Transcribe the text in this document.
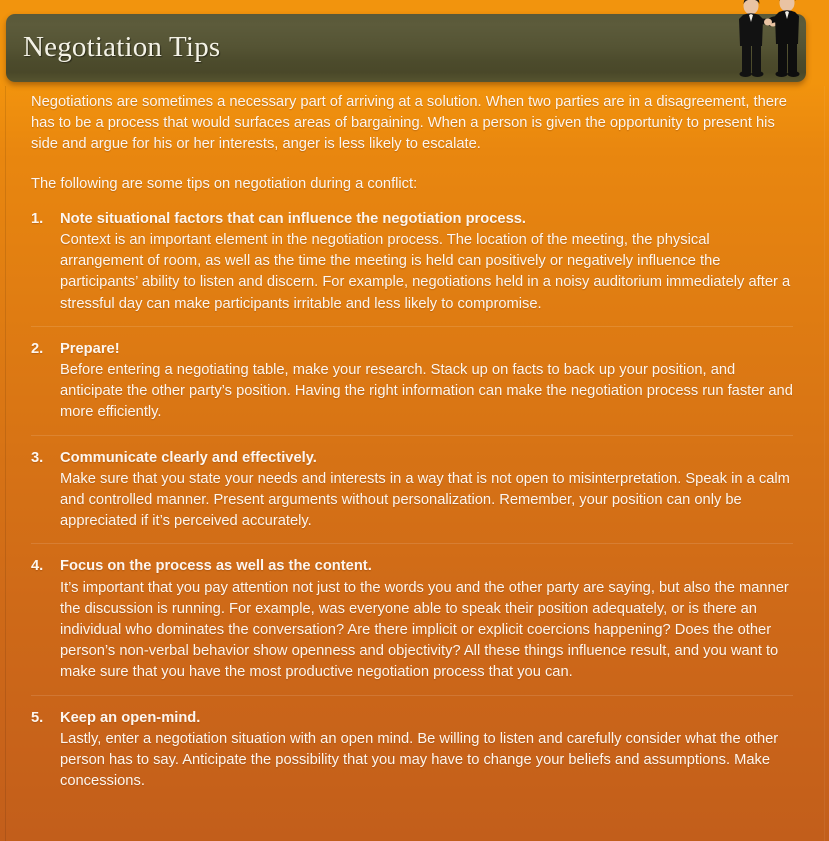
Negotiation Tips

Negotiations are sometimes a necessary part of arriving at a solution. When two parties are in a disagreement, there has to be a process that would surfaces areas of bargaining. When a person is given the opportunity to present his side and argue for his or her interests, anger is less likely to escalate.

The following are some tips on negotiation during a conflict:

1. Note situational factors that can influence the negotiation process.
Context is an important element in the negotiation process. The location of the meeting, the physical arrangement of room, as well as the time the meeting is held can positively or negatively influence the participants’ ability to listen and discern. For example, negotiations held in a noisy auditorium immediately after a stressful day can make participants irritable and less likely to compromise.
2. Prepare!
Before entering a negotiating table, make your research. Stack up on facts to back up your position, and anticipate the other party’s position. Having the right information can make the negotiation process run faster and more efficiently.
3. Communicate clearly and effectively.
Make sure that you state your needs and interests in a way that is not open to misinterpretation. Speak in a calm and controlled manner. Present arguments without personalization. Remember, your position can only be appreciated if it’s perceived accurately.
4. Focus on the process as well as the content.
It’s important that you pay attention not just to the words you and the other party are saying, but also the manner the discussion is running. For example, was everyone able to speak their position adequately, or is there an individual who dominates the conversation? Are there implicit or explicit coercions happening? Does the other person’s non-verbal behavior show openness and objectivity? All these things influence result, and you want to make sure that you have the most productive negotiation process that you can.
5. Keep an open-mind.
Lastly, enter a negotiation situation with an open mind. Be willing to listen and carefully consider what the other person has to say. Anticipate the possibility that you may have to change your beliefs and assumptions. Make concessions.
